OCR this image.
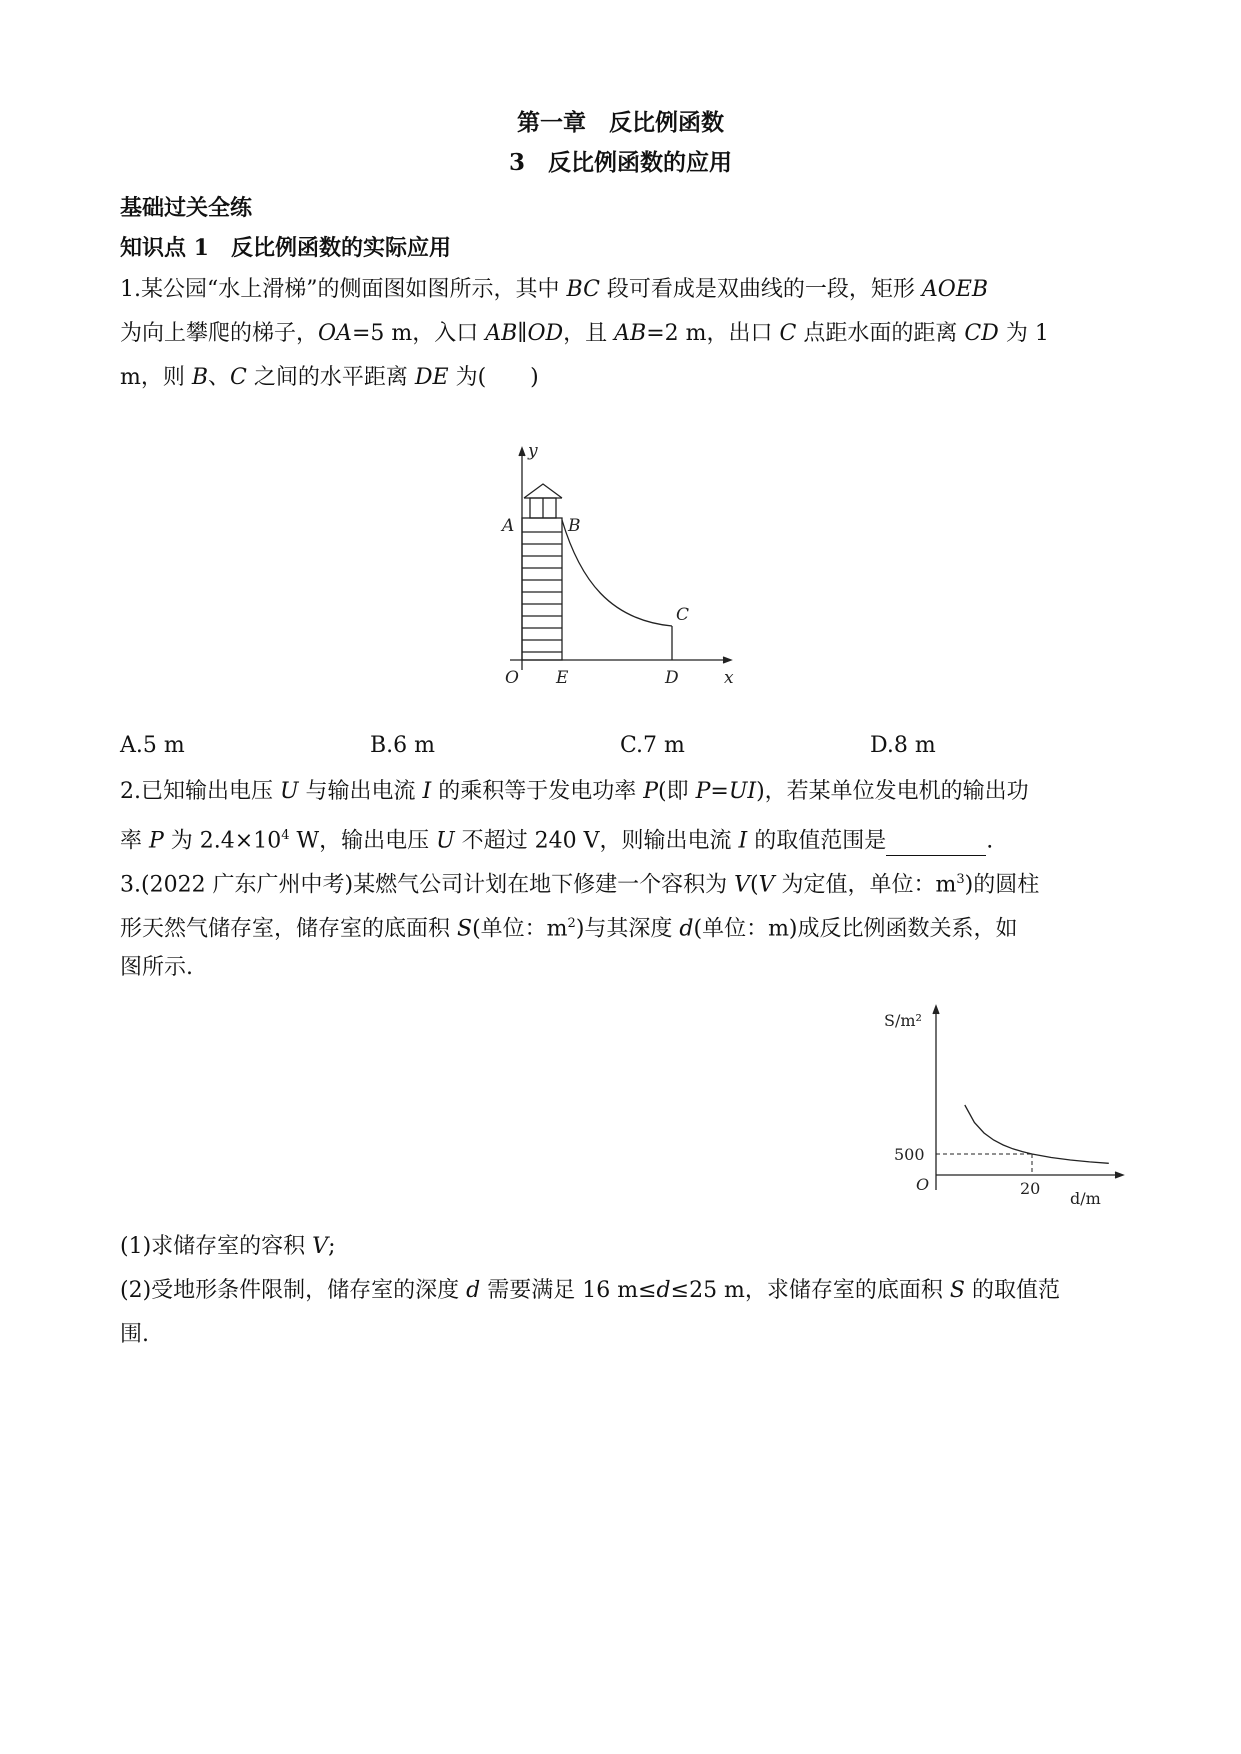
第一章　反比例函数
3　反比例函数的应用
基础过关全练
知识点 1　反比例函数的实际应用
1.某公园“水上滑梯”的侧面图如图所示，其中 BC 段可看成是双曲线的一段，矩形 AOEB
为向上攀爬的梯子，OA=5 m，入口 AB∥OD，且 AB=2 m，出口 C 点距水面的距离 CD 为 1
m，则 B、C 之间的水平距离 DE 为(　　)
y
x
A	B
C
O E	D
A.5 m	B.6 m	C.7 m	D.8 m
2.已知输出电压 U 与输出电流 I 的乘积等于发电功率 P(即 P=UI)，若某单位发电机的输出功
率 P 为 $2.4\times 10^4$ W，输出电压 U 不超过 240 V，则输出电流 I 的取值范围是	.
3.(2022 广东广州中考)某燃气公司计划在地下修建一个容积为 V(V 为定值，单位：$m^3$)的圆柱
形天然气储存室，储存室的底面积 S(单位：$m^2$)与其深度 d(单位：m)成反比例函数关系，如
图所示.
S/m²
d/m
O
500
20
(1)求储存室的容积 V;
(2)受地形条件限制，储存室的深度 d 需要满足 16 m≤d≤25 m，求储存室的底面积 S 的取值范
围.
